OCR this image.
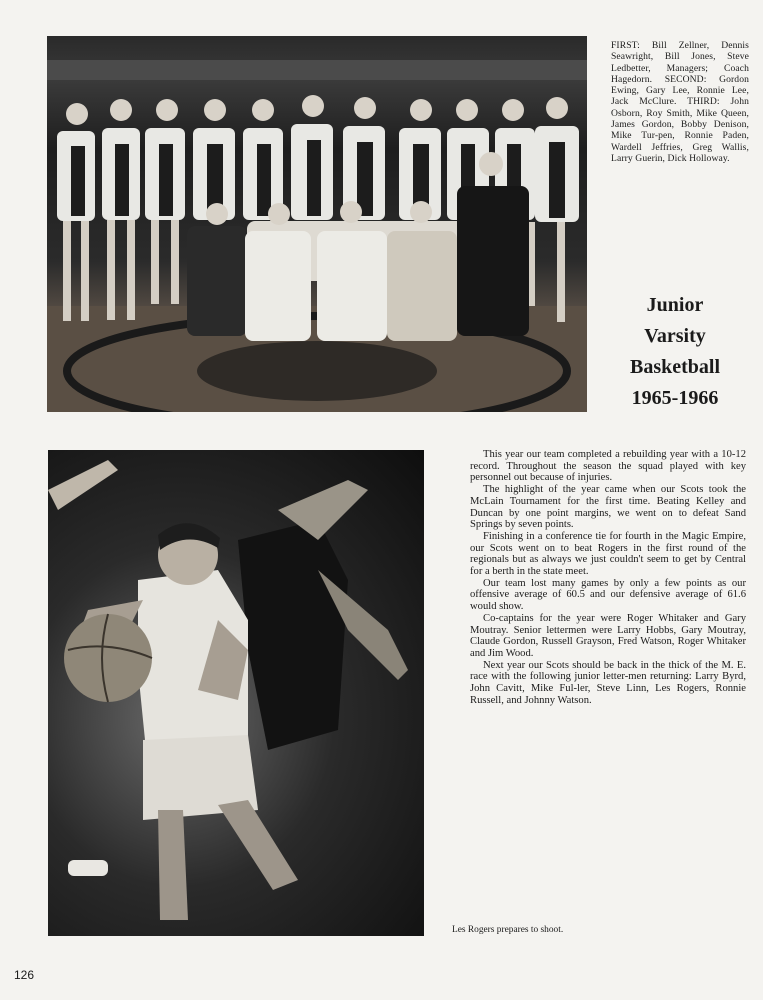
FIRST: Bill Zellner, Dennis Seawright, Bill Jones, Steve Ledbetter, Managers; Coach Hagedorn. SECOND: Gordon Ewing, Gary Lee, Ronnie Lee, Jack McClure. THIRD: John Osborn, Roy Smith, Mike Queen, James Gordon, Bobby Denison, Mike Tur-pen, Ronnie Paden, Wardell Jeffries, Greg Wallis, Larry Guerin, Dick Holloway.
Junior
Varsity
Basketball
1965-1966

This year our team completed a rebuilding year with a 10-12 record. Throughout the season the squad played with key personnel out because of injuries.

The highlight of the year came when our Scots took the McLain Tournament for the first time. Beating Kelley and Duncan by one point margins, we went on to defeat Sand Springs by seven points.

Finishing in a conference tie for fourth in the Magic Empire, our Scots went on to beat Rogers in the first round of the regionals but as always we just couldn't seem to get by Central for a berth in the state meet.

Our team lost many games by only a few points as our offensive average of 60.5 and our defensive average of 61.6 would show.

Co-captains for the year were Roger Whitaker and Gary Moutray. Senior lettermen were Larry Hobbs, Gary Moutray, Claude Gordon, Russell Grayson, Fred Watson, Roger Whitaker and Jim Wood.

Next year our Scots should be back in the thick of the M. E. race with the following junior letter-men returning: Larry Byrd, John Cavitt, Mike Ful-ler, Steve Linn, Les Rogers, Ronnie Russell, and Johnny Watson.

Les Rogers prepares to shoot.
126
